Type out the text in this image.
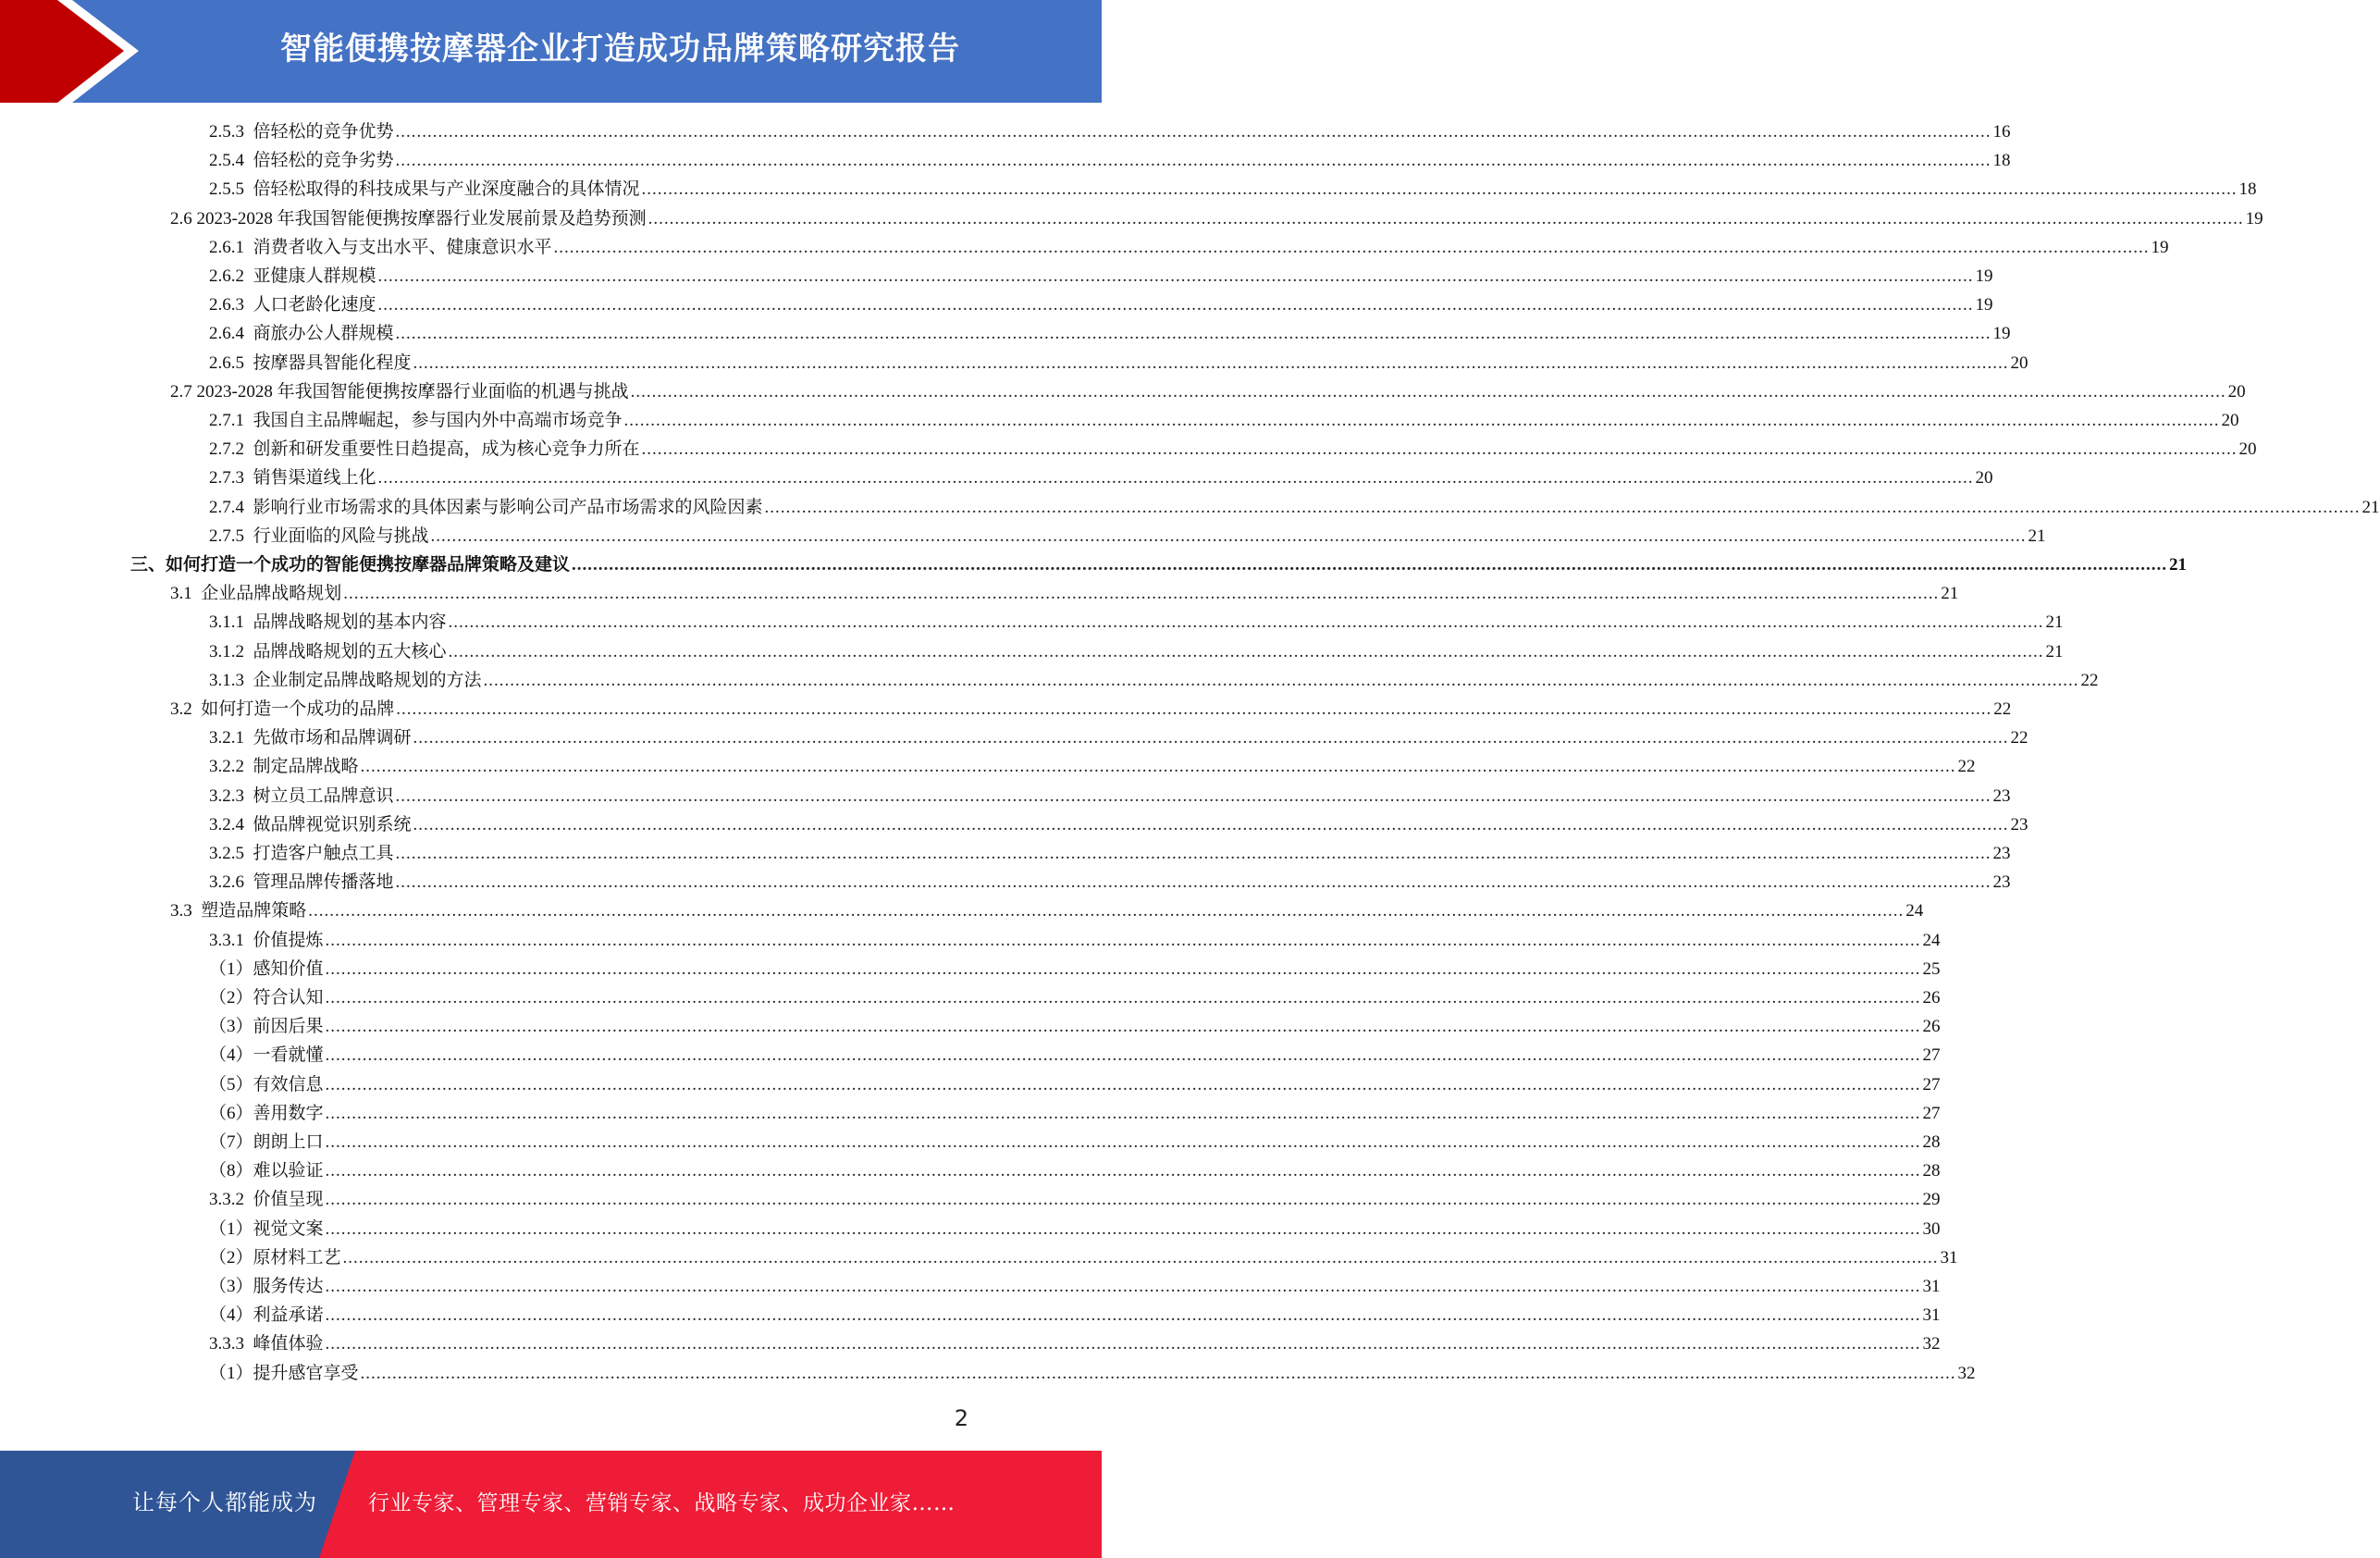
智能便携按摩器企业打造成功品牌策略研究报告
2.5.3
倍轻松的竞争优势 ............................................................................................................................................................................................................................................................................................................ 16
2.5.4
倍轻松的竞争劣势 ............................................................................................................................................................................................................................................................................................................ 18
2.5.5
倍轻松取得的科技成果与产业深度融合的具体情况 ............................................................................................................................................................................................................................................................................................................ 18
2.6
2023-2028 年我国智能便携按摩器行业发展前景及趋势预测 ............................................................................................................................................................................................................................................................................................................ 19
2.6.1
消费者收入与支出水平、健康意识水平 ............................................................................................................................................................................................................................................................................................................ 19
2.6.2
亚健康人群规模 ............................................................................................................................................................................................................................................................................................................ 19
2.6.3
人口老龄化速度 ............................................................................................................................................................................................................................................................................................................ 19
2.6.4
商旅办公人群规模 ............................................................................................................................................................................................................................................................................................................ 19
2.6.5
按摩器具智能化程度 ............................................................................................................................................................................................................................................................................................................ 20
2.7
2023-2028 年我国智能便携按摩器行业面临的机遇与挑战 ............................................................................................................................................................................................................................................................................................................ 20
2.7.1
我国自主品牌崛起，参与国内外中高端市场竞争 ............................................................................................................................................................................................................................................................................................................ 20
2.7.2
创新和研发重要性日趋提高，成为核心竞争力所在 ............................................................................................................................................................................................................................................................................................................ 20
2.7.3
销售渠道线上化 ............................................................................................................................................................................................................................................................................................................ 20
2.7.4
影响行业市场需求的具体因素与影响公司产品市场需求的风险因素 ............................................................................................................................................................................................................................................................................................................ 21
2.7.5
行业面临的风险与挑战 ............................................................................................................................................................................................................................................................................................................ 21
三、如何打造一个成功的智能便携按摩器品牌策略及建议 ............................................................................................................................................................................................................................................................................................................ 21
3.1
企业品牌战略规划 ............................................................................................................................................................................................................................................................................................................ 21
3.1.1
品牌战略规划的基本内容 ............................................................................................................................................................................................................................................................................................................ 21
3.1.2
品牌战略规划的五大核心 ............................................................................................................................................................................................................................................................................................................ 21
3.1.3
企业制定品牌战略规划的方法 ............................................................................................................................................................................................................................................................................................................ 22
3.2
如何打造一个成功的品牌 ............................................................................................................................................................................................................................................................................................................ 22
3.2.1
先做市场和品牌调研 ............................................................................................................................................................................................................................................................................................................ 22
3.2.2
制定品牌战略 ............................................................................................................................................................................................................................................................................................................ 22
3.2.3
树立员工品牌意识 ............................................................................................................................................................................................................................................................................................................ 23
3.2.4
做品牌视觉识别系统 ............................................................................................................................................................................................................................................................................................................ 23
3.2.5
打造客户触点工具 ............................................................................................................................................................................................................................................................................................................ 23
3.2.6
管理品牌传播落地 ............................................................................................................................................................................................................................................................................................................ 23
3.3
塑造品牌策略 ............................................................................................................................................................................................................................................................................................................ 24
3.3.1
价值提炼 ............................................................................................................................................................................................................................................................................................................ 24
（1） 感知价值 ............................................................................................................................................................................................................................................................................................................ 25
（2） 符合认知 ............................................................................................................................................................................................................................................................................................................ 26
（3） 前因后果 ............................................................................................................................................................................................................................................................................................................ 26
（4） 一看就懂 ............................................................................................................................................................................................................................................................................................................ 27
（5） 有效信息 ............................................................................................................................................................................................................................................................................................................ 27
（6） 善用数字 ............................................................................................................................................................................................................................................................................................................ 27
（7） 朗朗上口 ............................................................................................................................................................................................................................................................................................................ 28
（8） 难以验证 ............................................................................................................................................................................................................................................................................................................ 28
3.3.2
价值呈现 ............................................................................................................................................................................................................................................................................................................ 29
（1） 视觉文案 ............................................................................................................................................................................................................................................................................................................ 30
（2） 原材料工艺 ............................................................................................................................................................................................................................................................................................................ 31
（3） 服务传达 ............................................................................................................................................................................................................................................................................................................ 31
（4） 利益承诺 ............................................................................................................................................................................................................................................................................................................ 31
3.3.3
峰值体验 ............................................................................................................................................................................................................................................................................................................ 32
（1） 提升感官享受 ............................................................................................................................................................................................................................................................................................................ 32
2
让每个人都能成为 行业专家、管理专家、营销专家、战略专家、成功企业家……
